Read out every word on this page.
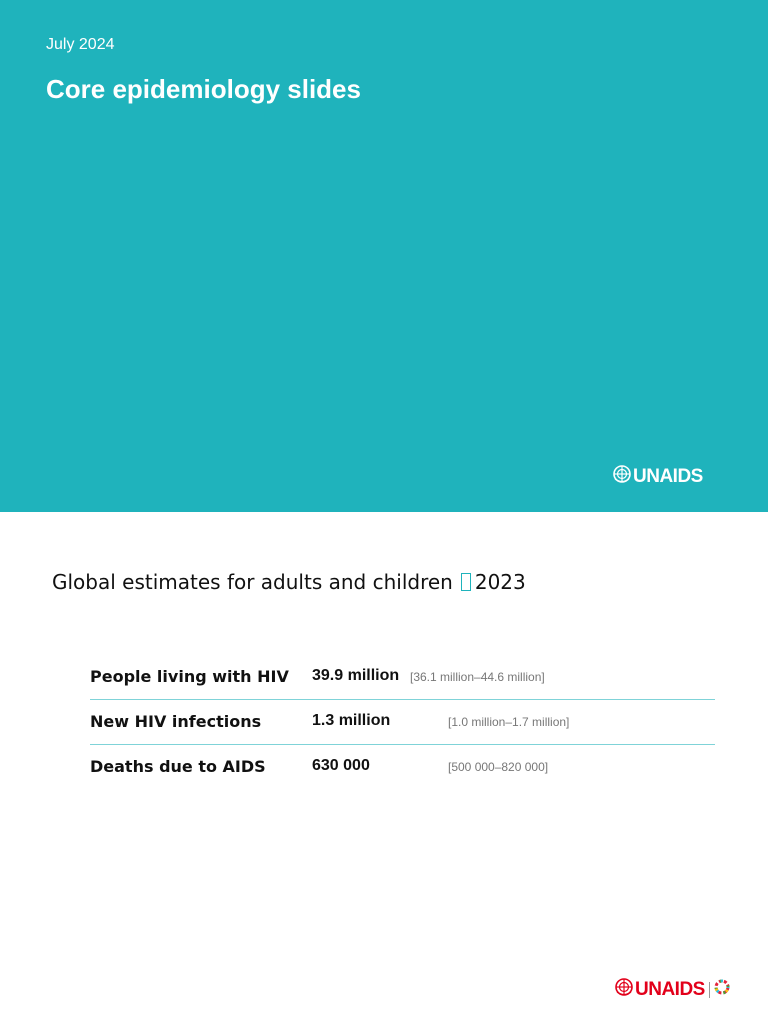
July 2024
Core epidemiology slides
UNAIDS
Global estimates for adults and children 2023
People living with HIV 39.9 million [36.1 million–44.6 million]
New HIV infections	1.3 million	[1.0 million–1.7 million]
Deaths due to AIDS	630 000	[500 000–820 000]
UNAIDS
